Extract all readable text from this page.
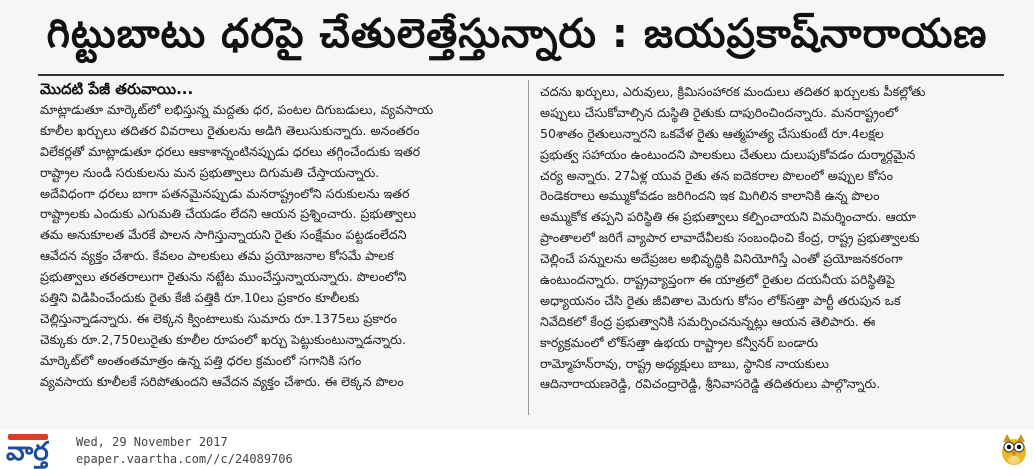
గిట్టుబాటు ధరపై చేతులెత్తేస్తున్నారు : జయప్రకాష్‌నారాయణ
మొదటి పేజీ తరువాయి...
మాట్లాడుతూ మార్కెట్‌లో లభిస్తున్న మద్దతు ధర, పంటల దిగుబడులు, వ్యవసాయ
కూలీల ఖర్చులు తదితర వివరాలు రైతులను అడిగి తెలుసుకున్నారు. అనంతరం
విలేకర్లతో మాట్లాడుతూ ధరలు ఆకాశాన్నంటినప్పుడు ధరలు తగ్గించేందుకు ఇతర
రాష్ట్రాల నుండి సరుకులను మన ప్రభుత్వాలు దిగుమతి చేస్తాయన్నారు.
అదేవిధంగా ధరలు బాగా పతనమైనప్పుడు మనరాష్ట్రంలోని సరుకులను ఇతర
రాష్ట్రాలకు ఎందుకు ఎగుమతి చేయడం లేదని ఆయన ప్రశ్నించారు. ప్రభుత్వాలు
తమ అనుకూలత మేరకే పాలన సాగిస్తున్నాయని రైతు సంక్షేమం పట్టడంలేదని
ఆవేదన వ్యక్తం చేశారు. కేవలం పాలకులు తమ ప్రయోజనాల కోసమే పాలక
ప్రభుత్వాలు తరతరాలుగా రైతును నట్టేట ముంచేస్తున్నాయన్నారు. పొలంలోని
పత్తిని విడిపించేందుకు రైతు కేజీ పత్తికి రూ.10లు ప్రకారం కూలీలకు
చెల్లిస్తున్నాడన్నారు. ఈ లెక్కన క్వింటాలుకు సుమారు రూ.1375లు ప్రకారం
చెక్కుకు రూ.2,750లురైతు కూలీల రూపంలో ఖర్చు పెట్టుకుంటున్నాడన్నారు.
మార్కెట్‌లో అంతంతమాత్రం ఉన్న పత్తి ధరల క్రమంలో సగానికి సగం
వ్యవసాయ కూలీలకే సరిపోతుందని ఆవేదన వ్యక్తం చేశారు. ఈ లెక్కన పొలం
చదను ఖర్చులు, ఎరువులు, క్రిమిసంహారక మందులు తదితర ఖర్చులకు పీకల్లోతు
అప్పులు చేసుకోవాల్సిన దుస్థితి రైతుకు దాపురించిందన్నారు. మనరాష్ట్రంలో
50శాతం రైతులున్నారని ఒకవేళ రైతు ఆత్మహత్య చేసుకుంటే రూ.4లక్షల
ప్రభుత్వ సహాయం ఉంటుందని పాలకులు చేతులు దులుపుకోవడం దుర్మార్గమైన
చర్య అన్నారు. 27ఏళ్ల యువ రైతు తన ఐదెకరాల పొలంలో అప్పుల కోసం
రెండెకరాలు అమ్ముకోవడం జరిగిందని ఇక మిగిలిన కాలానికి ఉన్న పొలం
అమ్ముకోక తప్పని పరిస్థితి ఈ ప్రభుత్వాలు కల్పించాయని విమర్శించారు. ఆయా
ప్రాంతాలలో జరిగే వ్యాపార లావాదేవీలకు సంబంధించి కేంద్ర, రాష్ట్ర ప్రభుత్వాలకు
చెల్లించే పన్నులను అదేప్రజల అభివృద్ధికి వినియోగిస్తే ఎంతో ప్రయోజనకరంగా
ఉంటుందన్నారు. రాష్ట్రవ్యాప్తంగా ఈ యాత్రలో రైతుల దయనీయ పరిస్థితిపై
అధ్యాయనం చేసి రైతు జీవితాల మెరుగు కోసం లోక్‌సత్తా పార్టీ తరుపున ఒక
నివేదికలో కేంద్ర ప్రభుత్వానికి సమర్పించనున్నట్లు ఆయన తెలిపారు. ఈ
కార్యక్రమంలో లోక్‌సత్తా ఉభయ రాష్ట్రాల కన్వీనర్ బండారు
రామ్మోహన్‌రావు, రాష్ట్ర అధ్యక్షులు బాబు, స్థానిక నాయకులు
ఆదినారాయణరెడ్డి, రవిచంద్రారెడ్డి, శ్రీనివాసరెడ్డి తదితరులు పాల్గొన్నారు.
వార్త	Wed, 29 November 2017
epaper.vaartha.com//c/24089706
